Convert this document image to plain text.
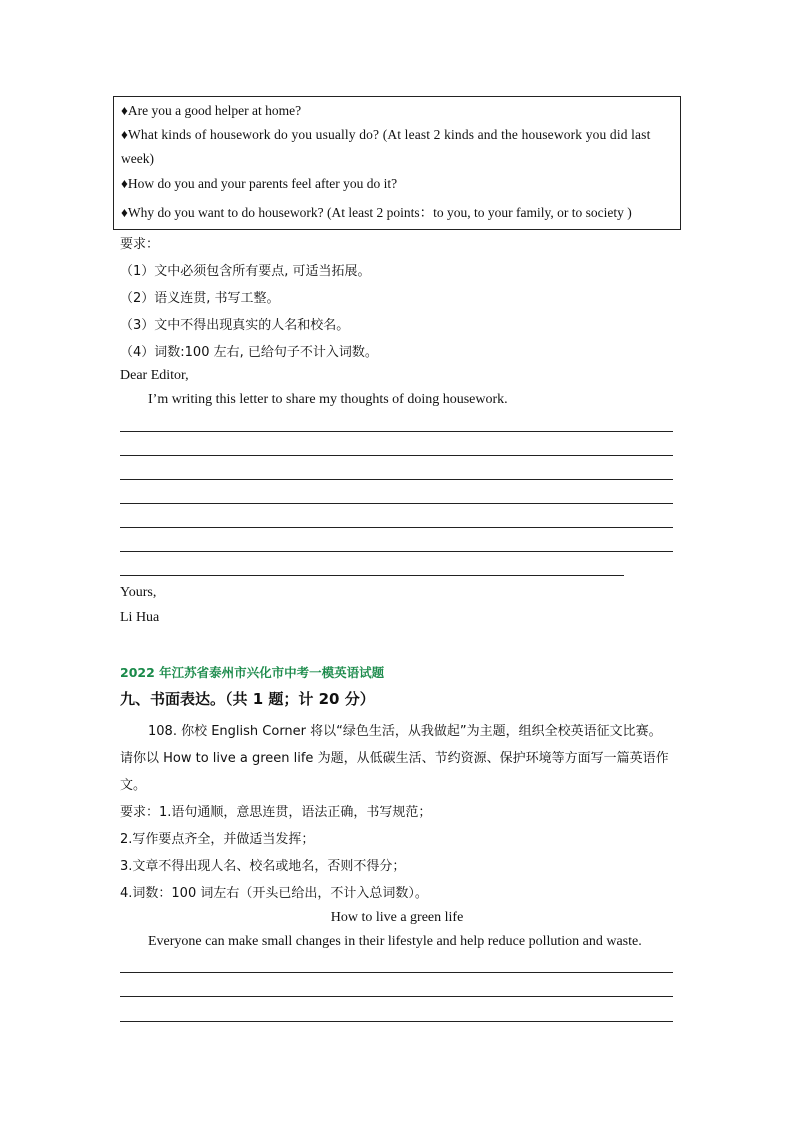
♦Are you a good helper at home?
♦What kinds of housework do you usually do? (At least 2 kinds and the housework you did last
week)
♦How do you and your parents feel after you do it?
♦Why do you want to do housework? (At least 2 points：to you, to your family, or to society )
要求：
（1）文中必须包含所有要点, 可适当拓展。
（2）语义连贯, 书写工整。
（3）文中不得出现真实的人名和校名。
（4）词数:100 左右, 已给句子不计入词数。
Dear Editor,
I’m writing this letter to share my thoughts of doing housework.
Yours,
Li Hua
2022 年江苏省泰州市兴化市中考一模英语试题
九、书面表达。（共 1 题；计 20 分）
108. 你校 English Corner 将以“绿色生活，从我做起”为主题，组织全校英语征文比赛。
请你以 How to live a green life 为题，从低碳生活、节约资源、保护环境等方面写一篇英语作
文。
要求：1.语句通顺，意思连贯，语法正确，书写规范；
2.写作要点齐全，并做适当发挥；
3.文章不得出现人名、校名或地名，否则不得分；
4.词数：100 词左右（开头已给出，不计入总词数）。
How to live a green life
Everyone can make small changes in their lifestyle and help reduce pollution and waste.
